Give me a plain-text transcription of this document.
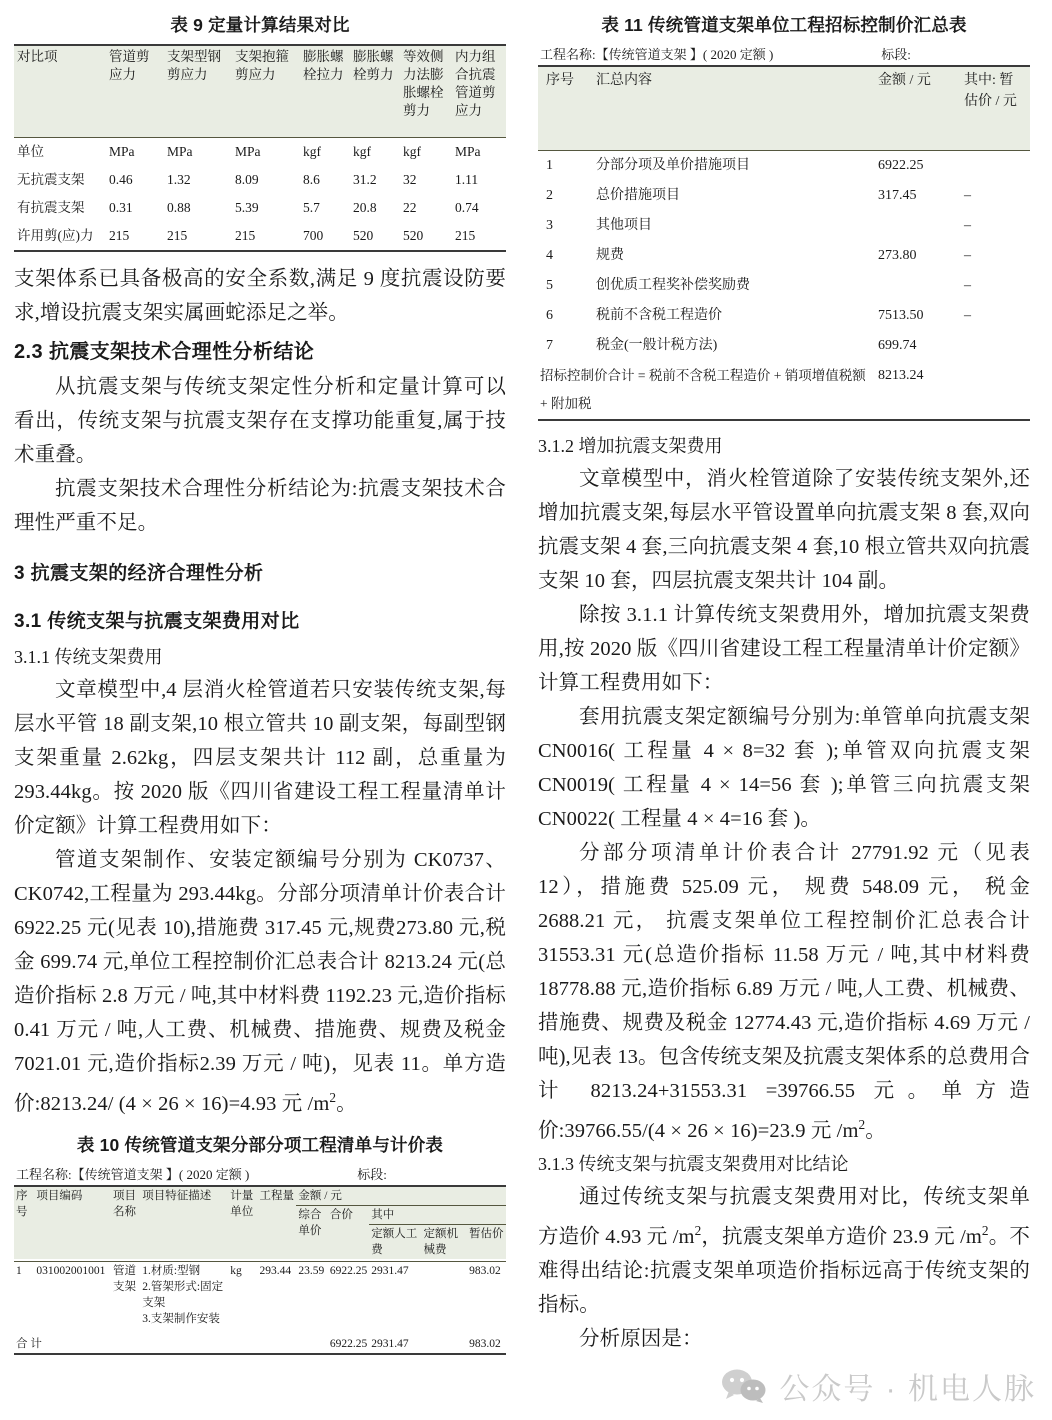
表 9 定量计算结果对比
对比项	管道剪应力	支架型钢剪应力	支架抱箍剪应力	膨胀螺栓拉力	膨胀螺栓剪力	等效侧力法膨胀螺栓剪力	内力组合抗震管道剪应力
单位	MPa	MPa	MPa	kgf	kgf	kgf	MPa
无抗震支架	0.46	1.32	8.09	8.6	31.2	32	1.11
有抗震支架	0.31	0.88	5.39	5.7	20.8	22	0.74
许用剪(应)力	215	215	215	700	520	520	215

支架体系已具备极高的安全系数,满足 9 度抗震设防要求,增设抗震支架实属画蛇添足之举。

2.3 抗震支架技术合理性分析结论

从抗震支架与传统支架定性分析和定量计算可以看出，传统支架与抗震支架存在支撑功能重复,属于技术重叠。

抗震支架技术合理性分析结论为:抗震支架技术合理性严重不足。

3 抗震支架的经济合理性分析
3.1 传统支架与抗震支架费用对比
3.1.1 传统支架费用

文章模型中,4 层消火栓管道若只安装传统支架,每层水平管 18 副支架,10 根立管共 10 副支架，每副型钢支架重量 2.62kg，四层支架共计 112 副，总重量为293.44kg。按 2020 版《四川省建设工程工程量清单计价定额》计算工程费用如下：

管道支架制作、安装定额编号分别为 CK0737、CK0742,工程量为 293.44kg。分部分项清单计价表合计 6922.25 元(见表 10),措施费 317.45 元,规费273.80 元,税金 699.74 元,单位工程控制价汇总表合计 8213.24 元(总造价指标 2.8 万元 / 吨,其中材料费 1192.23 元,造价指标 0.41 万元 / 吨,人工费、机械费、措施费、规费及税金 7021.01 元,造价指标2.39 万元 / 吨)，见表 11。单方造价:8213.24/ (4 × 26 × 16)=4.93 元 $/m^2$。

表 10 传统管道支架分部分项工程清单与计价表
工程名称:【传统管道支架 】( 2020 定额 )	标段:
序号	项目编码	项目名称	项目特征描述	计量单位	工程量	金额 / 元				
						综合单价	合价	其中		
								定额人工费	定额机械费	暂估价

1	031002001001	管道支架	1.材质:型钢
2.管架形式:固定支架
3.支架制作安装	kg	293.44	23.59	6922.25	2931.47		983.02
合 计							6922.25	2931.47		983.02
表 11 传统管道支架单位工程招标控制价汇总表
工程名称:【传统管道支架 】( 2020 定额 )	标段:
序号	汇总内容	金额 / 元	其中: 暂估价 / 元
1	分部分项及单价措施项目	6922.25	
2	总价措施项目	317.45	–
3	其他项目		–
4	规费	273.80	–
5	创优质工程奖补偿奖励费		–
6	税前不含税工程造价	7513.50	–
7	税金(一般计税方法)	699.74	
招标控制价合计 = 税前不含税工程造价 + 销项增值税额 + 附加税		8213.24	
3.1.2 增加抗震支架费用

文章模型中，消火栓管道除了安装传统支架外,还增加抗震支架,每层水平管设置单向抗震支架 8 套,双向抗震支架 4 套,三向抗震支架 4 套,10 根立管共双向抗震支架 10 套，四层抗震支架共计 104 副。

除按 3.1.1 计算传统支架费用外，增加抗震支架费用,按 2020 版《四川省建设工程工程量清单计价定额》计算工程费用如下：

套用抗震支架定额编号分别为:单管单向抗震支架 CN0016( 工程量 4 × 8=32 套 );单管双向抗震支架 CN0019( 工程量 4 × 14=56 套 );单管三向抗震支架 CN0022( 工程量 4 × 4=16 套 )。

分部分项清单计价表合计 27791.92 元（见表 12），措施费 525.09 元， 规费 548.09 元， 税金 2688.21 元， 抗震支架单位工程控制价汇总表合计 31553.31 元(总造价指标 11.58 万元 / 吨,其中材料费 18778.88 元,造价指标 6.89 万元 / 吨,人工费、机械费、措施费、规费及税金 12774.43 元,造价指标 4.69 万元 / 吨),见表 13。包含传统支架及抗震支架体系的总费用合计 8213.24+31553.31 =39766.55 元。单方造价:39766.55/(4 × 26 × 16)=23.9 元 $/m^2$。

3.1.3 传统支架与抗震支架费用对比结论

通过传统支架与抗震支架费用对比，传统支架单方造价 4.93 元 $/m^2$，抗震支架单方造价 23.9 元 $/m^2$。不难得出结论:抗震支架单项造价指标远高于传统支架的指标。

分析原因是：

公众号 · 机电人脉
